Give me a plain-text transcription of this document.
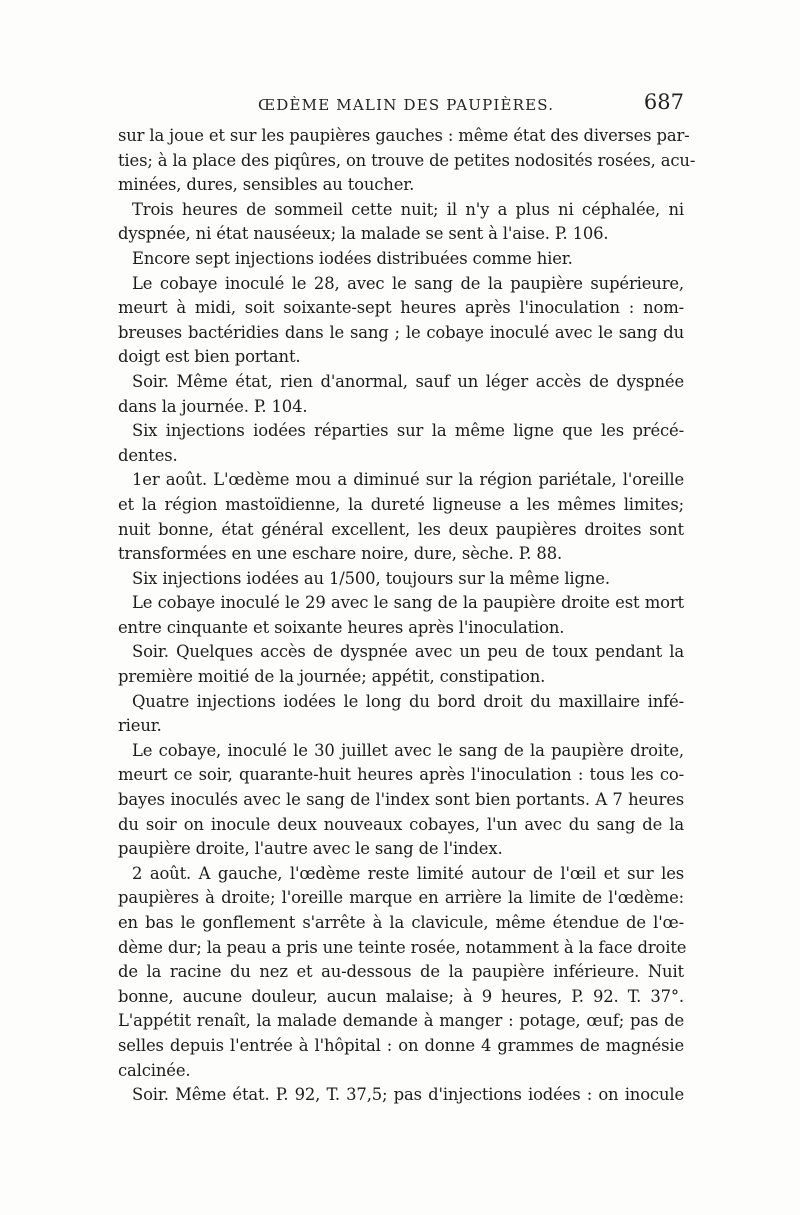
ŒDÈME MALIN DES PAUPIÈRES.	687
sur la joue et sur les paupières gauches : même état des diverses par-
ties; à la place des piqûres, on trouve de petites nodosités rosées, acu-
minées, dures, sensibles au toucher.
Trois heures de sommeil cette nuit; il n'y a plus ni céphalée, ni
dyspnée, ni état nauséeux; la malade se sent à l'aise. P. 106.
Encore sept injections iodées distribuées comme hier.
Le cobaye inoculé le 28, avec le sang de la paupière supérieure,
meurt à midi, soit soixante-sept heures après l'inoculation : nom-
breuses bactéridies dans le sang ; le cobaye inoculé avec le sang du
doigt est bien portant.
Soir. Même état, rien d'anormal, sauf un léger accès de dyspnée
dans la journée. P. 104.
Six injections iodées réparties sur la même ligne que les précé-
dentes.
1er août. L'œdème mou a diminué sur la région pariétale, l'oreille
et la région mastoïdienne, la dureté ligneuse a les mêmes limites;
nuit bonne, état général excellent, les deux paupières droites sont
transformées en une eschare noire, dure, sèche. P. 88.
Six injections iodées au 1/500, toujours sur la même ligne.
Le cobaye inoculé le 29 avec le sang de la paupière droite est mort
entre cinquante et soixante heures après l'inoculation.
Soir. Quelques accès de dyspnée avec un peu de toux pendant la
première moitié de la journée; appétit, constipation.
Quatre injections iodées le long du bord droit du maxillaire infé-
rieur.
Le cobaye, inoculé le 30 juillet avec le sang de la paupière droite,
meurt ce soir, quarante-huit heures après l'inoculation : tous les co-
bayes inoculés avec le sang de l'index sont bien portants. A 7 heures
du soir on inocule deux nouveaux cobayes, l'un avec du sang de la
paupière droite, l'autre avec le sang de l'index.
2 août. A gauche, l'œdème reste limité autour de l'œil et sur les
paupières à droite; l'oreille marque en arrière la limite de l'œdème:
en bas le gonflement s'arrête à la clavicule, même étendue de l'œ-
dème dur; la peau a pris une teinte rosée, notamment à la face droite
de la racine du nez et au-dessous de la paupière inférieure. Nuit
bonne, aucune douleur, aucun malaise; à 9 heures, P. 92. T. 37°.
L'appétit renaît, la malade demande à manger : potage, œuf; pas de
selles depuis l'entrée à l'hôpital : on donne 4 grammes de magnésie
calcinée.
Soir. Même état. P. 92, T. 37,5; pas d'injections iodées : on inocule
